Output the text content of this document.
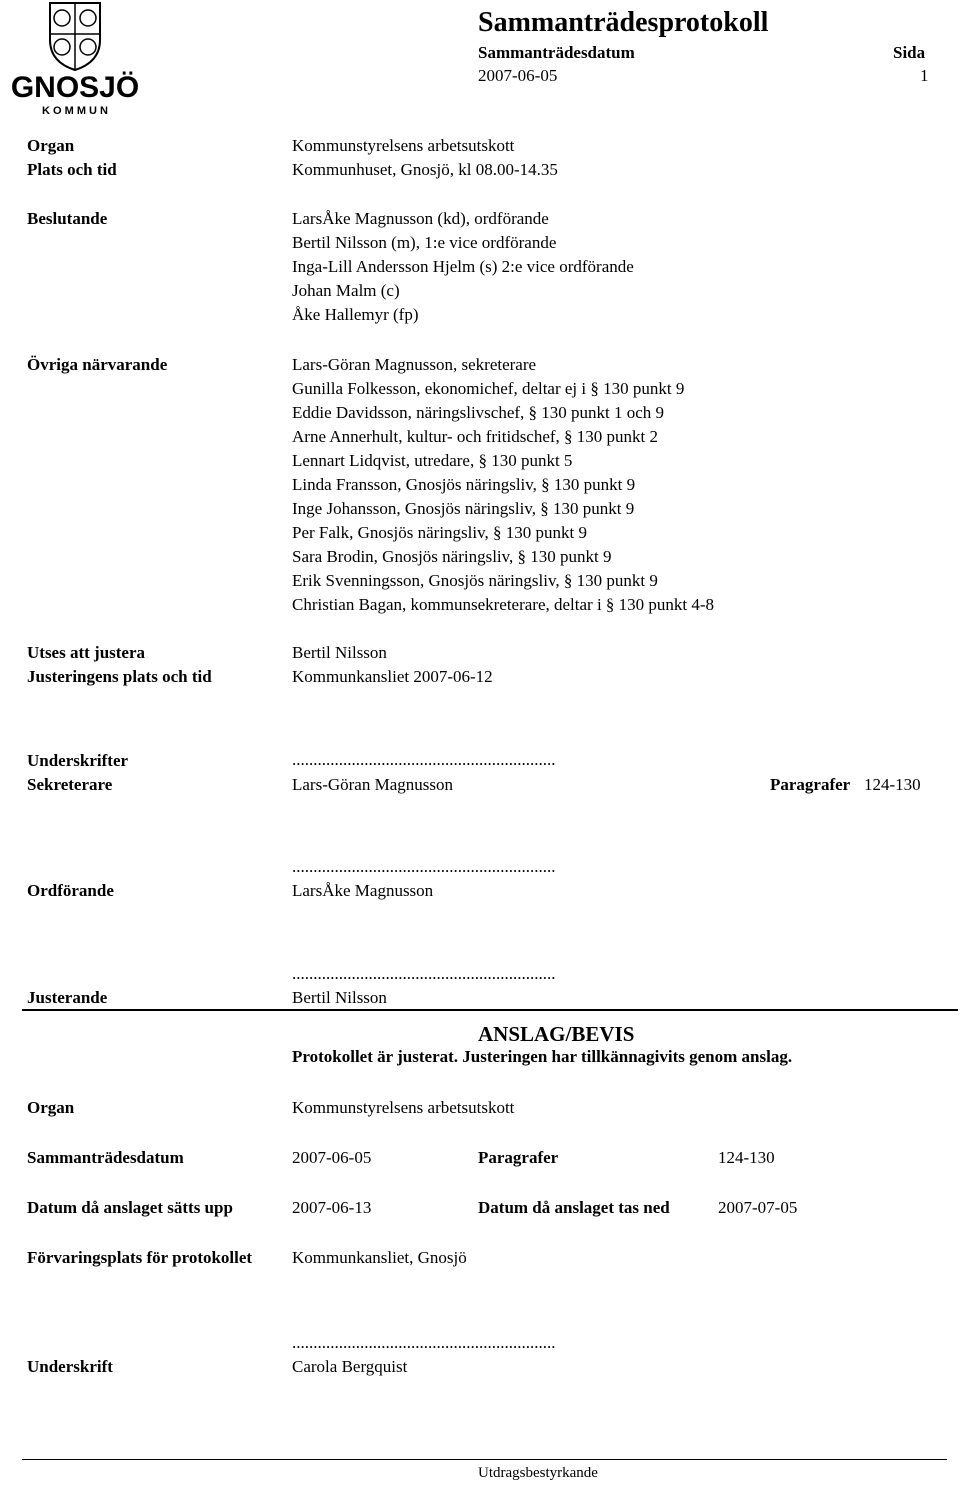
GNOSJÖ
K O M M U N
Sammanträdesprotokoll
Sammanträdesdatum	Sida
2007-06-05	1
Organ	Kommunstyrelsens arbetsutskott
Plats och tid	Kommunhuset, Gnosjö, kl 08.00-14.35
Beslutande	LarsÅke Magnusson (kd), ordförande
Bertil Nilsson (m), 1:e vice ordförande
Inga-Lill Andersson Hjelm (s) 2:e vice ordförande
Johan Malm (c)
Åke Hallemyr (fp)
Övriga närvarande	Lars-Göran Magnusson, sekreterare
Gunilla Folkesson, ekonomichef, deltar ej i § 130 punkt 9
Eddie Davidsson, näringslivschef, § 130 punkt 1 och 9
Arne Annerhult, kultur- och fritidschef, § 130 punkt 2
Lennart Lidqvist, utredare, § 130 punkt 5
Linda Fransson, Gnosjös näringsliv, § 130 punkt 9
Inge Johansson, Gnosjös näringsliv, § 130 punkt 9
Per Falk, Gnosjös näringsliv, § 130 punkt 9
Sara Brodin, Gnosjös näringsliv, § 130 punkt 9
Erik Svenningsson, Gnosjös näringsliv, § 130 punkt 9
Christian Bagan, kommunsekreterare, deltar i § 130 punkt 4-8
Utses att justera	Bertil Nilsson
Justeringens plats och tid	Kommunkansliet 2007-06-12
Underskrifter	..............................................................
Sekreterare	Lars-Göran Magnusson	Paragrafer 124-130
..............................................................
Ordförande	LarsÅke Magnusson
..............................................................
Justerande	Bertil Nilsson
ANSLAG/BEVIS
Protokollet är justerat. Justeringen har tillkännagivits genom anslag.
Organ	Kommunstyrelsens arbetsutskott
Sammanträdesdatum	2007-06-05	Paragrafer	124-130
Datum då anslaget sätts upp	2007-06-13	Datum då anslaget tas ned	2007-07-05
Förvaringsplats för protokollet Kommunkansliet, Gnosjö
..............................................................
Underskrift	Carola Bergquist
Utdragsbestyrkande
